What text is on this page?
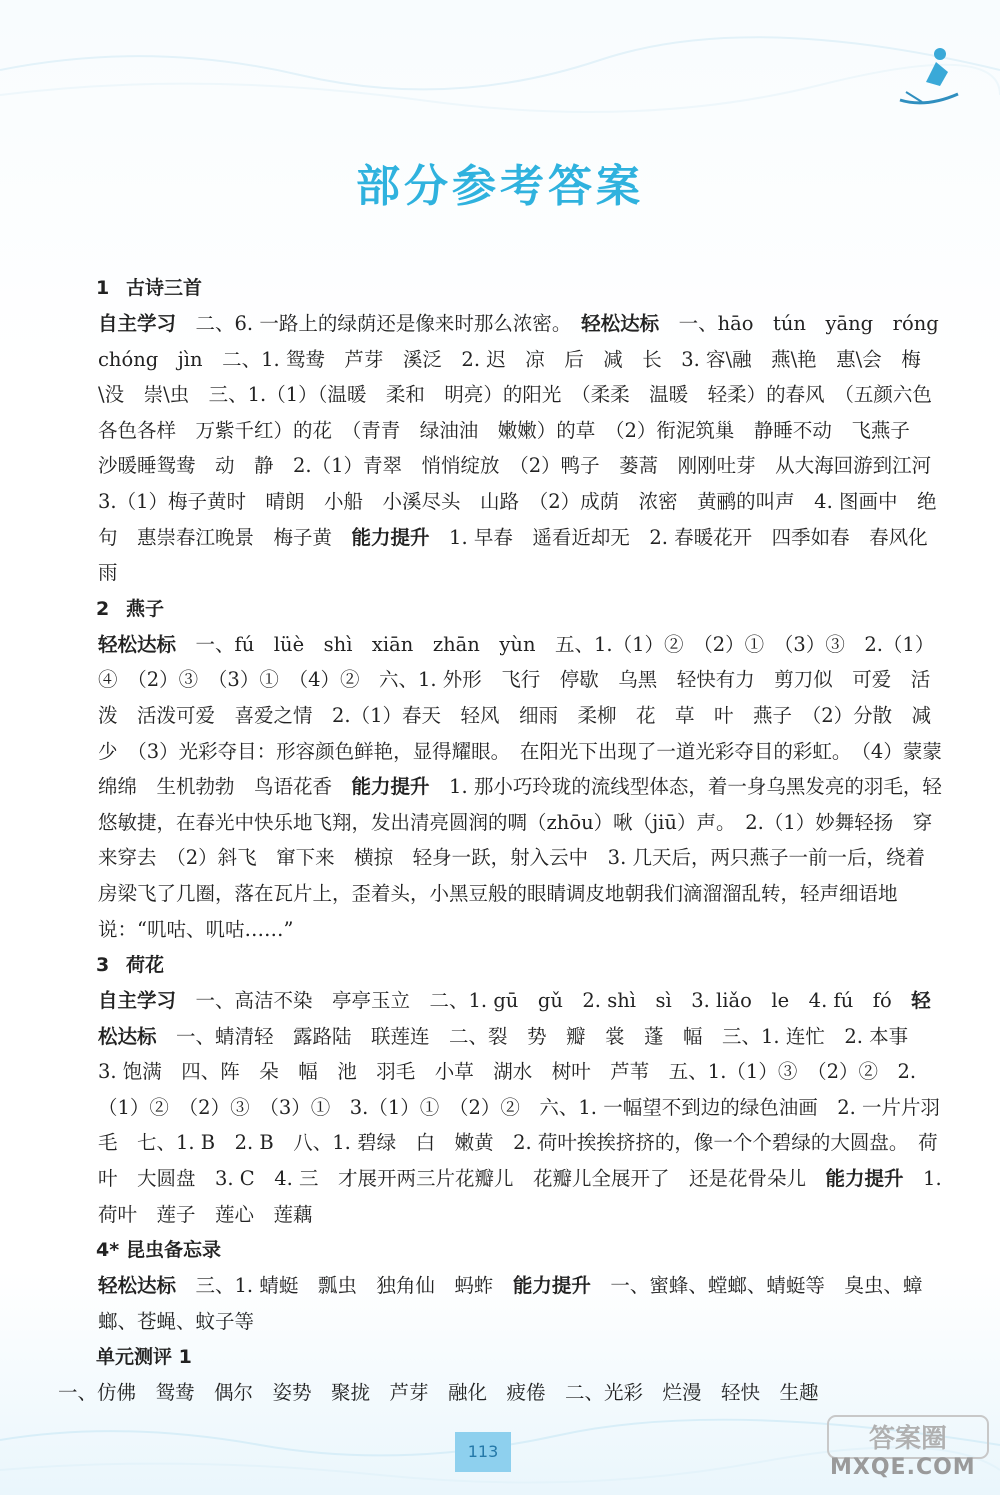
部分参考答案

1 古诗三首

自主学习　二、6. 一路上的绿荫还是像来时那么浓密。　轻松达标　一、hāo　tún　yāng　róng　chóng　jìn　二、1. 鸳鸯　芦芽　溪泛　2. 迟　凉　后　减　长　3. 容\融　燕\艳　惠\会　梅\没　崇\虫　三、1.（1）（温暖　柔和　明亮）的阳光　（柔柔　温暖　轻柔）的春风　（五颜六色　各色各样　万紫千红）的花　（青青　绿油油　嫩嫩）的草　（2）衔泥筑巢　静睡不动　飞燕子　沙暖睡鸳鸯　动　静　2.（1）青翠　悄悄绽放　（2）鸭子　蒌蒿　刚刚吐芽　从大海回游到江河　3.（1）梅子黄时　晴朗　小船　小溪尽头　山路　（2）成荫　浓密　黄鹂的叫声　4. 图画中　绝句　惠崇春江晚景　梅子黄　能力提升　1. 早春　遥看近却无　2. 春暖花开　四季如春　春风化雨

2 燕子

轻松达标　一、fú　lüè　shì　xiān　zhān　yùn　五、1.（1）②　（2）①　（3）③　2.（1）④　（2）③　（3）①　（4）②　六、1. 外形　飞行　停歇　乌黑　轻快有力　剪刀似　可爱　活泼　活泼可爱　喜爱之情　2.（1）春天　轻风　细雨　柔柳　花　草　叶　燕子　（2）分散　减少　（3）光彩夺目：形容颜色鲜艳，显得耀眼。　在阳光下出现了一道光彩夺目的彩虹。　（4）蒙蒙　绵绵　生机勃勃　鸟语花香　能力提升　1. 那小巧玲珑的流线型体态，着一身乌黑发亮的羽毛，轻悠敏捷，在春光中快乐地飞翔，发出清亮圆润的啁（zhōu）啾（jiū）声。　2.（1）妙舞轻扬　穿来穿去　（2）斜飞　窜下来　横掠　轻身一跃，射入云中　3. 几天后，两只燕子一前一后，绕着房梁飞了几圈，落在瓦片上，歪着头，小黑豆般的眼睛调皮地朝我们滴溜溜乱转，轻声细语地说：“叽咕、叽咕……”

3 荷花

自主学习　一、高洁不染　亭亭玉立　二、1. gū　gǔ　2. shì　sì　3. liǎo　le　4. fú　fó　轻松达标　一、蜻清轻　露路陆　联莲连　二、裂　势　瓣　裳　蓬　幅　三、1. 连忙　2. 本事　3. 饱满　四、阵　朵　幅　池　羽毛　小草　湖水　树叶　芦苇　五、1.（1）③　（2）②　2.（1）②　（2）③　（3）①　3.（1）①　（2）②　六、1. 一幅望不到边的绿色油画　2. 一片片羽毛　七、1. B　2. B　八、1. 碧绿　白　嫩黄　2. 荷叶挨挨挤挤的，像一个个碧绿的大圆盘。　荷叶　大圆盘　3. C　4. 三　才展开两三片花瓣儿　花瓣儿全展开了　还是花骨朵儿　能力提升　1. 荷叶　莲子　莲心　莲藕

4* 昆虫备忘录

轻松达标　三、1. 蜻蜓　瓢虫　独角仙　蚂蚱　能力提升　一、蜜蜂、螳螂、蜻蜓等　臭虫、蟑螂、苍蝇、蚊子等

单元测评 1

一、仿佛　鸳鸯　偶尔　姿势　聚拢　芦芽　融化　疲倦　二、光彩　烂漫　轻快　生趣

113	答案圈
MXQE.COM
